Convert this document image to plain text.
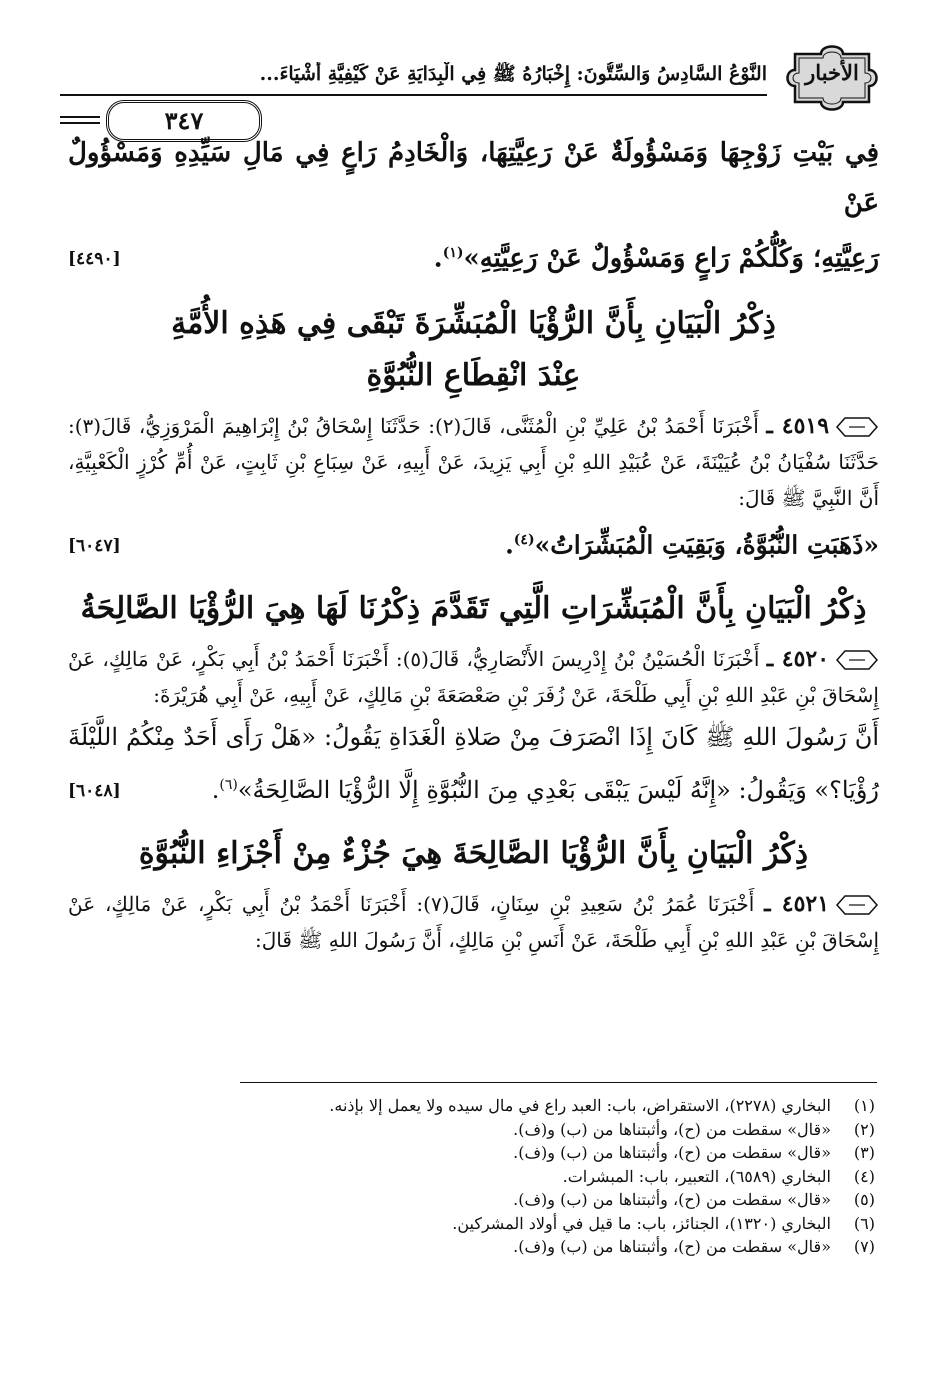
الأخبار
النَّوْعُ السَّادِسُ وَالسِّتُّونَ: إِخْبَارُهُ ﷺ فِي الْبِدَايَةِ عَنْ كَيْفِيَّةِ أَشْيَاءَ...
٣٤٧

فِي بَيْتِ زَوْجِهَا وَمَسْؤُولَةٌ عَنْ رَعِيَّتِهَا، وَالْخَادِمُ رَاعٍ فِي مَالِ سَيِّدِهِ وَمَسْؤُولٌ عَنْ

رَعِيَّتِهِ؛ وَكُلُّكُمْ رَاعٍ وَمَسْؤُولٌ عَنْ رَعِيَّتِهِ»$^{(١)}$.
[٤٤٩٠]

ذِكْرُ الْبَيَانِ بِأَنَّ الرُّؤْيَا الْمُبَشِّرَةَ تَبْقَى فِي هَذِهِ الأُمَّةِ
عِنْدَ انْقِطَاعِ النُّبُوَّةِ

٤٥١٩ ـ أَخْبَرَنَا أَحْمَدُ بْنُ عَلِيِّ بْنِ الْمُثَنَّى، قَالَ(٢): حَدَّثَنَا إِسْحَاقُ بْنُ إِبْرَاهِيمَ الْمَرْوَزِيُّ، قَالَ(٣): حَدَّثَنَا سُفْيَانُ بْنُ عُيَيْنَةَ، عَنْ عُبَيْدِ اللهِ بْنِ أَبِي يَزِيدَ، عَنْ أَبِيهِ، عَنْ سِبَاعِ بْنِ ثَابِتٍ، عَنْ أُمِّ كُرْزٍ الْكَعْبِيَّةِ، أَنَّ النَّبِيَّ ﷺ قَالَ:

«ذَهَبَتِ النُّبُوَّةُ، وَبَقِيَتِ الْمُبَشِّرَاتُ»$^{(٤)}$.
[٦٠٤٧]

ذِكْرُ الْبَيَانِ بِأَنَّ الْمُبَشِّرَاتِ الَّتِي تَقَدَّمَ ذِكْرُنَا لَهَا هِيَ الرُّؤْيَا الصَّالِحَةُ

٤٥٢٠ ـ أَخْبَرَنَا الْحُسَيْنُ بْنُ إِدْرِيسَ الأَنْصَارِيُّ، قَالَ(٥): أَخْبَرَنَا أَحْمَدُ بْنُ أَبِي بَكْرٍ، عَنْ مَالِكٍ، عَنْ إِسْحَاقَ بْنِ عَبْدِ اللهِ بْنِ أَبِي طَلْحَةَ، عَنْ زُفَرَ بْنِ صَعْصَعَةَ بْنِ مَالِكٍ، عَنْ أَبِيهِ، عَنْ أَبِي هُرَيْرَةَ:

أَنَّ رَسُولَ اللهِ ﷺ كَانَ إِذَا انْصَرَفَ مِنْ صَلاةِ الْغَدَاةِ يَقُولُ: «هَلْ رَأَى أَحَدٌ مِنْكُمُ اللَّيْلَةَ رُؤْيَا؟» وَيَقُولُ: «إِنَّهُ لَيْسَ يَبْقَى بَعْدِي مِنَ النُّبُوَّةِ إِلَّا الرُّؤْيَا الصَّالِحَةُ»$^{(٦)}$.
[٦٠٤٨]

ذِكْرُ الْبَيَانِ بِأَنَّ الرُّؤْيَا الصَّالِحَةَ هِيَ جُزْءٌ مِنْ أَجْزَاءِ النُّبُوَّةِ

٤٥٢١ ـ أَخْبَرَنَا عُمَرُ بْنُ سَعِيدِ بْنِ سِنَانٍ، قَالَ(٧): أَخْبَرَنَا أَحْمَدُ بْنُ أَبِي بَكْرٍ، عَنْ مَالِكٍ، عَنْ إِسْحَاقَ بْنِ عَبْدِ اللهِ بْنِ أَبِي طَلْحَةَ، عَنْ أَنَسِ بْنِ مَالِكٍ، أَنَّ رَسُولَ اللهِ ﷺ قَالَ:

(١)البخاري (٢٢٧٨)، الاستقراض، باب: العبد راع في مال سيده ولا يعمل إلا بإذنه.

(٢)«قال» سقطت من (ح)، وأثبتناها من (ب) و(ف).

(٣)«قال» سقطت من (ح)، وأثبتناها من (ب) و(ف).

(٤)البخاري (٦٥٨٩)، التعبير، باب: المبشرات.

(٥)«قال» سقطت من (ح)، وأثبتناها من (ب) و(ف).

(٦)البخاري (١٣٢٠)، الجنائز، باب: ما قيل في أولاد المشركين.

(٧)«قال» سقطت من (ح)، وأثبتناها من (ب) و(ف).
